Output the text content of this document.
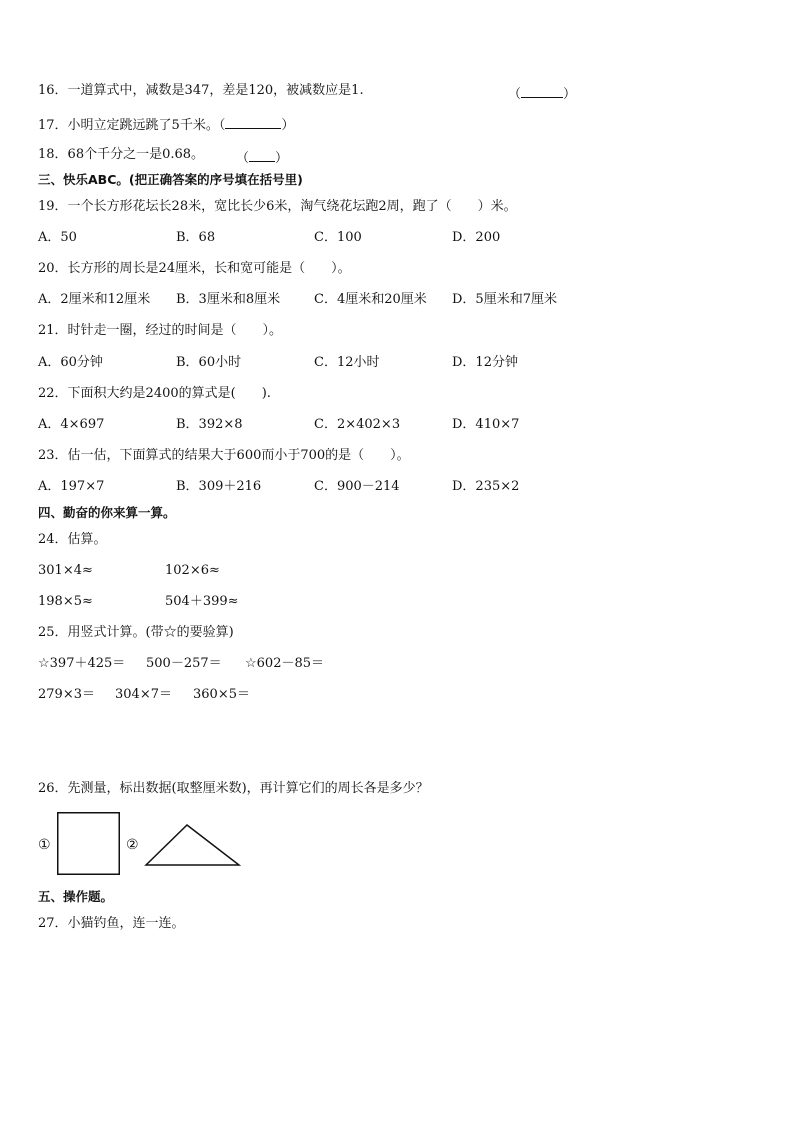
16．一道算式中，减数是347，差是120，被减数应是1.	（	）
17．小明立定跳远跳了5千米。（	）
18．68个千分之一是0.68。 （ ）
三、快乐ABC。(把正确答案的序号填在括号里)
19．一个长方形花坛长28米，宽比长少6米，淘气绕花坛跑2周，跑了（　　）米。
A．50	B．68	C．100	D．200
20．长方形的周长是24厘米，长和宽可能是（　　）。
A．2厘米和12厘米 B．3厘米和8厘米	C．4厘米和20厘米 D．5厘米和7厘米
21．时针走一圈，经过的时间是（　　）。
A．60分钟	B．60小时	C．12小时	D．12分钟
22．下面积大约是2400的算式是(　　).
A．4×697	B．392×8	C．2×402×3	D．410×7
23．估一估，下面算式的结果大于600而小于700的是（　　）。
A．197×7	B．309＋216	C．900－214	D．235×2
四、勤奋的你来算一算。
24．估算。
301×4≈	102×6≈
198×5≈	504＋399≈
25．用竖式计算。(带☆的要验算)
☆397＋425＝ 500－257＝ ☆602－85＝
279×3＝ 304×7＝ 360×5＝
26．先测量，标出数据(取整厘米数)，再计算它们的周长各是多少？
①	②
五、操作题。
27．小猫钓鱼，连一连。
